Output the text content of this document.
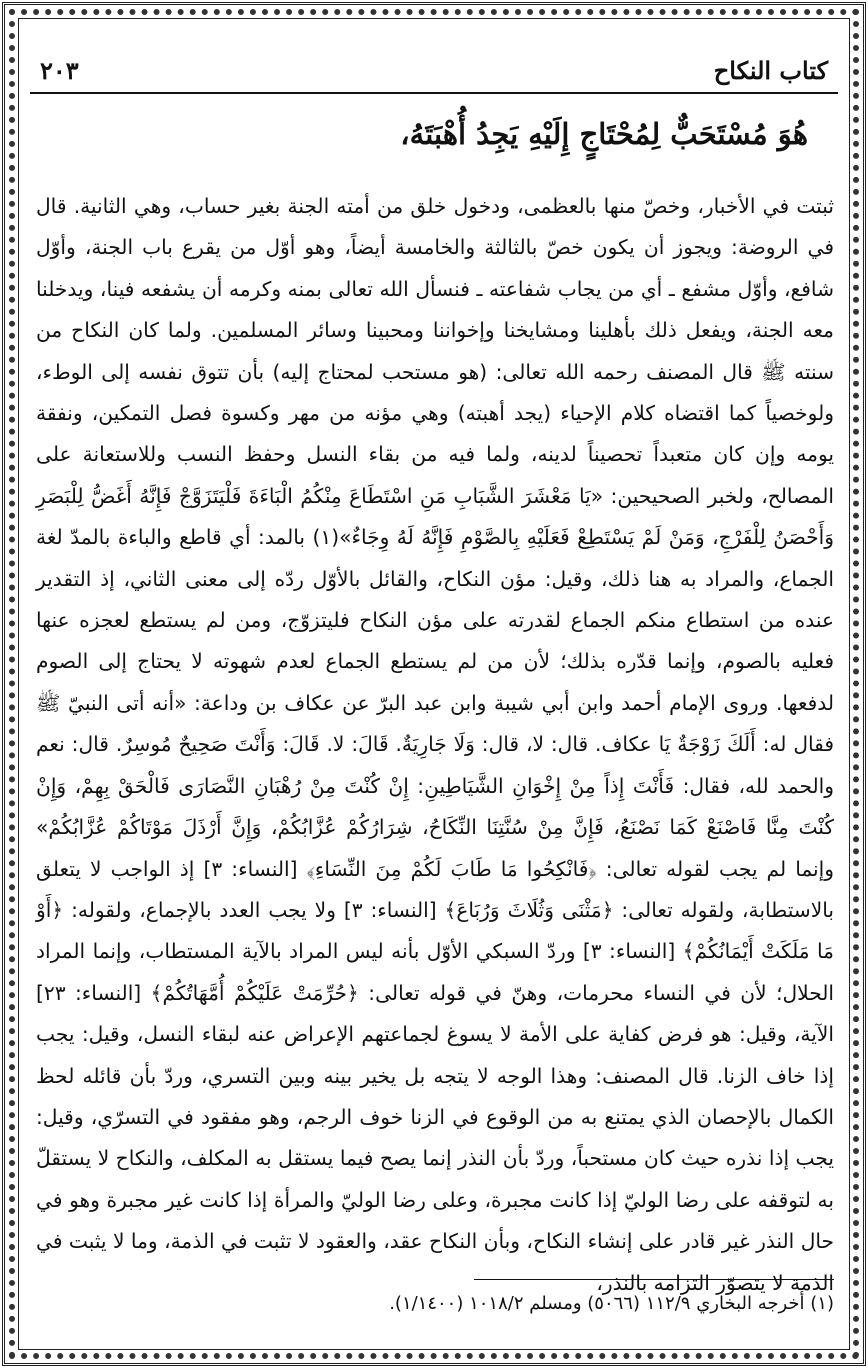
كتاب النكاح
٢٠٣
هُوَ مُسْتَحَبٌّ لِمُحْتَاجٍ إِلَيْهِ يَجِدُ أُهْبَتَهُ،

ثبتت في الأخبار، وخصّ منها بالعظمى، ودخول خلق من أمته الجنة بغير حساب، وهي الثانية. قال في الروضة: ويجوز أن يكون خصّ بالثالثة والخامسة أيضاً، وهو أوّل من يقرع باب الجنة، وأوّل شافع، وأوّل مشفع ـ أي من يجاب شفاعته ـ فنسأل الله تعالى بمنه وكرمه أن يشفعه فينا، ويدخلنا معه الجنة، ويفعل ذلك بأهلينا ومشايخنا وإخواننا ومحبينا وسائر المسلمين. ولما كان النكاح من سنته ﷺ قال المصنف رحمه الله تعالى: (هو مستحب لمحتاج إليه) بأن تتوق نفسه إلى الوطء، ولوخصياً كما اقتضاه كلام الإحياء (يجد أهبته) وهي مؤنه من مهر وكسوة فصل التمكين، ونفقة يومه وإن كان متعبداً تحصيناً لدينه، ولما فيه من بقاء النسل وحفظ النسب وللاستعانة على المصالح، ولخبر الصحيحين: «يَا مَعْشَرَ الشَّبَابِ مَنِ اسْتَطَاعَ مِنْكُمُ الْبَاءَةَ فَلْيَتَزَوَّجْ فَإِنَّهُ أَغَضُّ لِلْبَصَرِ وَأَحْصَنُ لِلْفَرْجِ، وَمَنْ لَمْ يَسْتَطِعْ فَعَلَيْهِ بِالصَّوْمِ فَإِنَّهُ لَهُ وِجَاءٌ»(١) بالمد: أي قاطع والباءة بالمدّ لغة الجماع، والمراد به هنا ذلك، وقيل: مؤن النكاح، والقائل بالأوّل ردّه إلى معنى الثاني، إذ التقدير عنده من استطاع منكم الجماع لقدرته على مؤن النكاح فليتزوّج، ومن لم يستطع لعجزه عنها فعليه بالصوم، وإنما قدّره بذلك؛ لأن من لم يستطع الجماع لعدم شهوته لا يحتاج إلى الصوم لدفعها. وروى الإمام أحمد وابن أبي شيبة وابن عبد البرّ عن عكاف بن وداعة: «أنه أتى النبيّ ﷺ فقال له: أَلَكَ زَوْجَةٌ يَا عكاف. قال: لا، قال: وَلَا جَارِيَةٌ. قَالَ: لا. قَالَ: وَأَنْتَ صَحِيحٌ مُوسِرٌ. قال: نعم والحمد لله، فقال: فَأَنْتَ إِذاً مِنْ إِخْوَانِ الشَّيَاطِينِ: إِنْ كُنْتَ مِنْ رُهْبَانِ النَّصَارَى فَالْحَقْ بِهِمْ، وَإِنْ كُنْتَ مِنَّا فَاصْنَعْ كَمَا نَصْنَعُ، فَإِنَّ مِنْ سُنَّتِنَا النِّكَاحُ، شِرَارُكُمْ عُزَّابُكُمْ، وَإِنَّ أَرْذَلَ مَوْتَاكُمْ عُزَّابُكُمْ» وإنما لم يجب لقوله تعالى: ﴿فَانْكِحُوا مَا طَابَ لَكُمْ مِنَ النِّسَاءِ﴾ [النساء: ٣] إذ الواجب لا يتعلق بالاستطابة، ولقوله تعالى: ﴿مَثْنَى وَثُلَاثَ وَرُبَاعَ﴾ [النساء: ٣] ولا يجب العدد بالإجماع، ولقوله: ﴿أَوْ مَا مَلَكَتْ أَيْمَانُكُمْ﴾ [النساء: ٣] وردّ السبكي الأوّل بأنه ليس المراد بالآية المستطاب، وإنما المراد الحلال؛ لأن في النساء محرمات، وهنّ في قوله تعالى: ﴿حُرِّمَتْ عَلَيْكُمْ أُمَّهَاتُكُمْ﴾ [النساء: ٢٣] الآية، وقيل: هو فرض كفاية على الأمة لا يسوغ لجماعتهم الإعراض عنه لبقاء النسل، وقيل: يجب إذا خاف الزنا. قال المصنف: وهذا الوجه لا يتجه بل يخير بينه وبين التسري، وردّ بأن قائله لحظ الكمال بالإحصان الذي يمتنع به من الوقوع في الزنا خوف الرجم، وهو مفقود في التسرّي، وقيل: يجب إذا نذره حيث كان مستحباً، وردّ بأن النذر إنما يصح فيما يستقل به المكلف، والنكاح لا يستقلّ به لتوقفه على رضا الوليّ إذا كانت مجبرة، وعلى رضا الوليّ والمرأة إذا كانت غير مجبرة وهو في حال النذر غير قادر على إنشاء النكاح، وبأن النكاح عقد، والعقود لا تثبت في الذمة، وما لا يثبت في الذمة لا يتصوّر التزامه بالنذر،

(١) أخرجه البخاري ١١٢/٩ (٥٠٦٦) ومسلم ١٠١٨/٢ (١/١٤٠٠).
